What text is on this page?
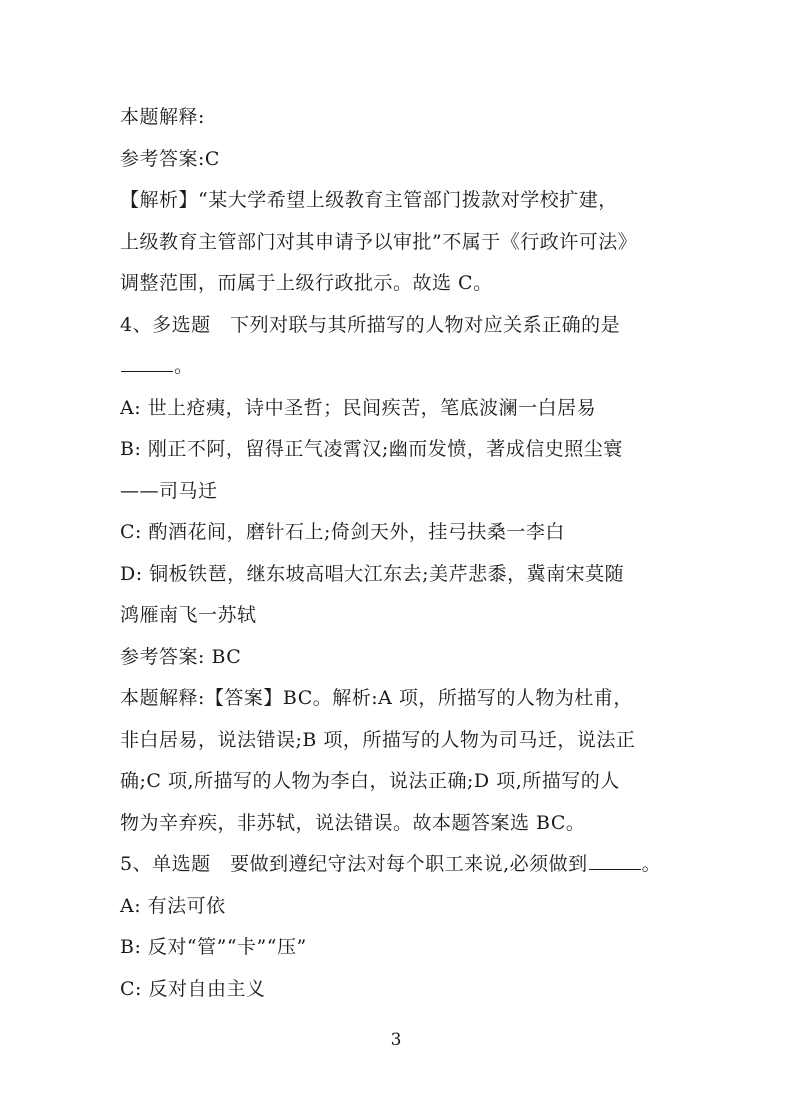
本题解释:
参考答案:C
【解析】“某大学希望上级教育主管部门拨款对学校扩建，
上级教育主管部门对其申请予以审批”不属于《行政许可法》
调整范围，而属于上级行政批示。故选 C。
4、多选题　下列对联与其所描写的人物对应关系正确的是
。
A: 世上疮痍，诗中圣哲；民间疾苦，笔底波澜一白居易
B: 刚正不阿，留得正气凌霄汉;幽而发愤，著成信史照尘寰
——司马迁
C: 酌酒花间，磨针石上;倚剑天外，挂弓扶桑一李白
D: 铜板铁琶，继东坡高唱大江东去;美芹悲黍，冀南宋莫随
鸿雁南飞一苏轼
参考答案: BC
本题解释:【答案】BC。解析:A 项，所描写的人物为杜甫，
非白居易，说法错误;B 项，所描写的人物为司马迁，说法正
确;C 项,所描写的人物为李白，说法正确;D 项,所描写的人
物为辛弃疾，非苏轼，说法错误。故本题答案选 BC。
5、单选题　要做到遵纪守法对每个职工来说,必须做到	。
A: 有法可依
B: 反对“管”“卡”“压”
C: 反对自由主义
3
